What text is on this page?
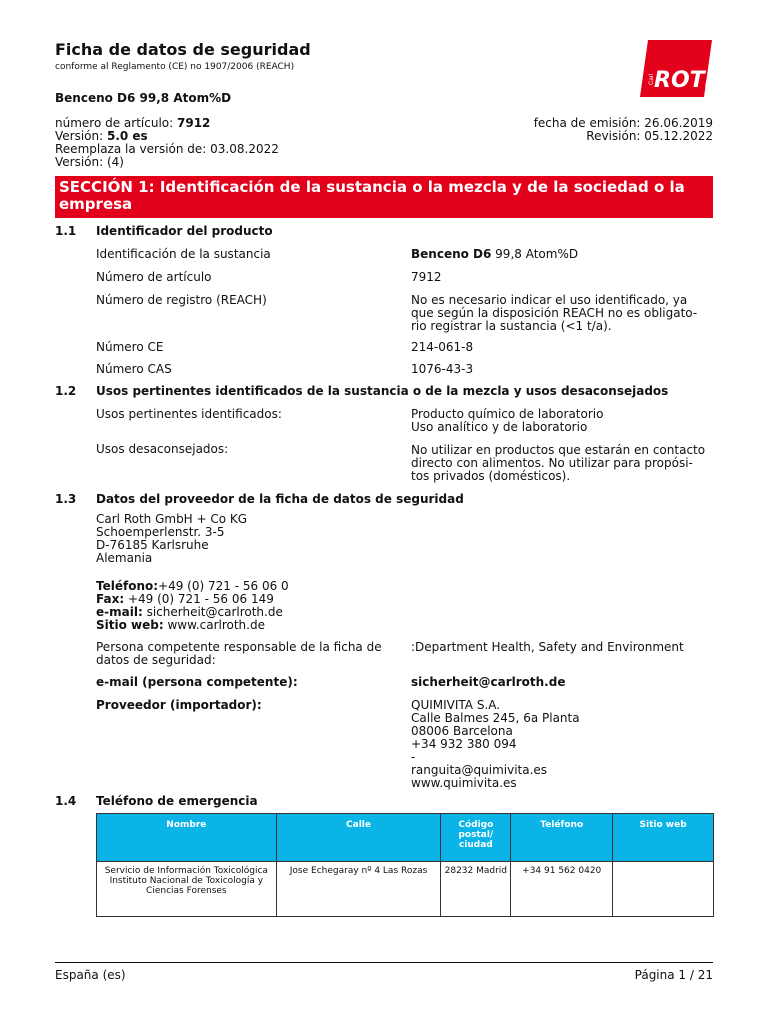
Ficha de datos de seguridad
conforme al Reglamento (CE) no 1907/2006 (REACH)
®
Carl ROTH
Benceno D6 99,8 Atom%D
número de artículo: 7912
Versión: 5.0 es
Reemplaza la versión de: 03.08.2022
Versión: (4)
fecha de emisión: 26.06.2019
Revisión: 05.12.2022
SECCIÓN 1: Identificación de la sustancia o la mezcla y de la sociedad o la empresa
1.1 Identificador del producto
Identificación de la sustancia	Benceno D6 99,8 Atom%D
Número de artículo	7912
Número de registro (REACH)	No es necesario indicar el uso identificado, ya
que según la disposición REACH no es obligato-
rio registrar la sustancia (<1 t/a).
Número CE	214-061-8
Número CAS	1076-43-3
1.2 Usos pertinentes identificados de la sustancia o de la mezcla y usos desaconsejados
Usos pertinentes identificados:	Producto químico de laboratorio
Uso analítico y de laboratorio
Usos desaconsejados:	No utilizar en productos que estarán en contacto
directo con alimentos. No utilizar para propósi-
tos privados (domésticos).
1.3 Datos del proveedor de la ficha de datos de seguridad
Carl Roth GmbH + Co KG
Schoemperlenstr. 3-5
D-76185 Karlsruhe
Alemania
Teléfono:+49 (0) 721 - 56 06 0
Fax: +49 (0) 721 - 56 06 149
e-mail: sicherheit@carlroth.de
Sitio web: www.carlroth.de
Persona competente responsable de la ficha de
datos de seguridad:
:Department Health, Safety and Environment
e-mail (persona competente):	sicherheit@carlroth.de
Proveedor (importador):	QUIMIVITA S.A.
Calle Balmes 245, 6a Planta
08006 Barcelona
+34 932 380 094
-
ranguita@quimivita.es
www.quimivita.es
1.4 Teléfono de emergencia
Nombre	Calle	Código postal/ ciudad	Teléfono	Sitio web
Servicio de Información Toxicológica Instituto Nacional de Toxicología y Ciencias Forenses	Jose Echegaray nº 4 Las Rozas	28232 Madrid	+34 91 562 0420	
España (es)	Página 1 / 21
